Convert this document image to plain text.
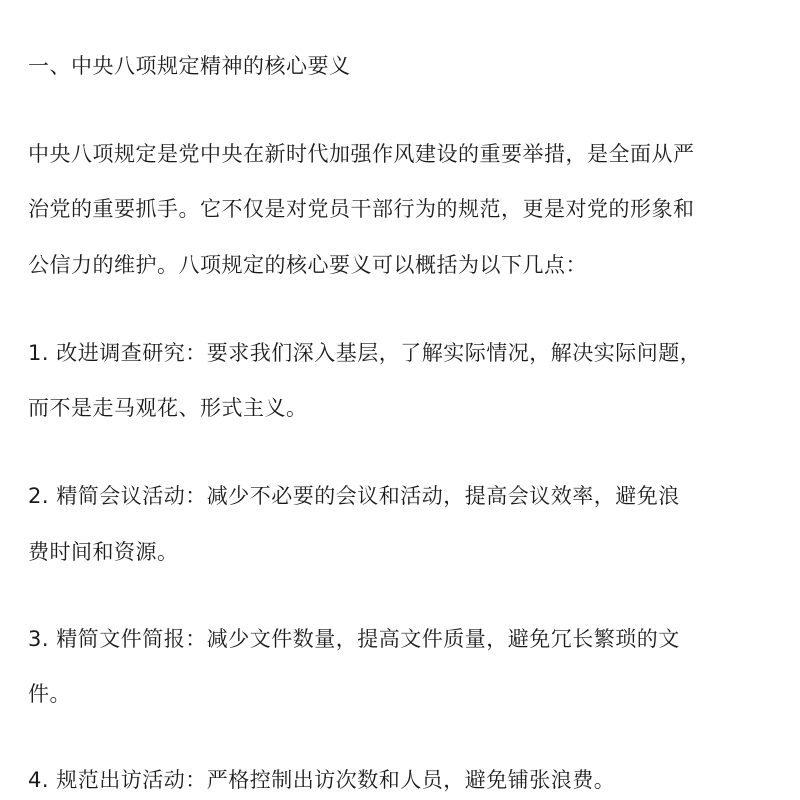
一、中央八项规定精神的核心要义
中央八项规定是党中央在新时代加强作风建设的重要举措，是全面从严
治党的重要抓手。它不仅是对党员干部行为的规范，更是对党的形象和
公信力的维护。八项规定的核心要义可以概括为以下几点：
1. 改进调查研究：要求我们深入基层，了解实际情况，解决实际问题，
而不是走马观花、形式主义。
2. 精简会议活动：减少不必要的会议和活动，提高会议效率，避免浪
费时间和资源。
3. 精简文件简报：减少文件数量，提高文件质量，避免冗长繁琐的文
件。
4. 规范出访活动：严格控制出访次数和人员，避免铺张浪费。
